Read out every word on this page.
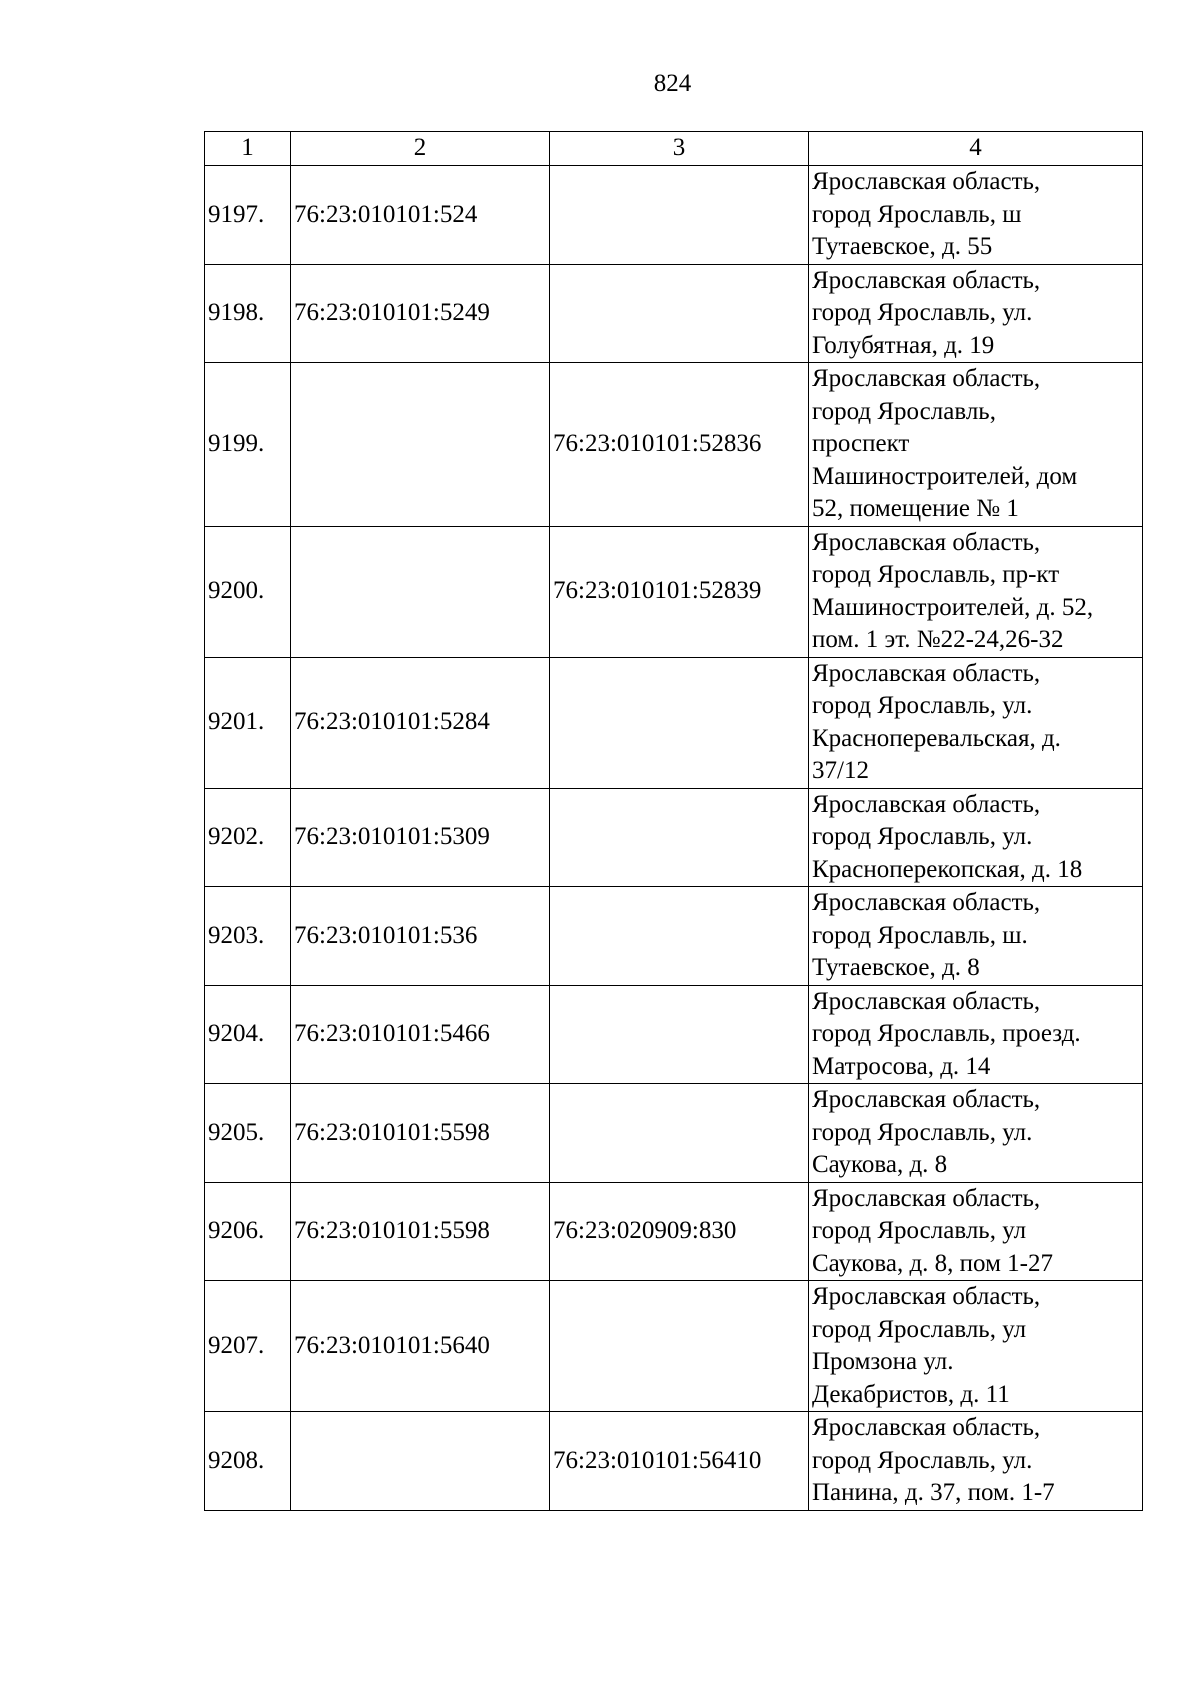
824
1	2	3	4
9197.	76:23:010101:524		Ярославская область,
город Ярославль, ш
Тутаевское, д. 55
9198.	76:23:010101:5249		Ярославская область,
город Ярославль, ул.
Голубятная, д. 19
9199.		76:23:010101:52836	Ярославская область,
город Ярославль,
проспект
Машиностроителей, дом
52, помещение № 1
9200.		76:23:010101:52839	Ярославская область,
город Ярославль, пр-кт
Машиностроителей, д. 52,
пом. 1 эт. №22-24,26-32
9201.	76:23:010101:5284		Ярославская область,
город Ярославль, ул.
Красноперевальская, д.
37/12
9202.	76:23:010101:5309		Ярославская область,
город Ярославль, ул.
Красноперекопская, д. 18
9203.	76:23:010101:536		Ярославская область,
город Ярославль, ш.
Тутаевское, д. 8
9204.	76:23:010101:5466		Ярославская область,
город Ярославль, проезд.
Матросова, д. 14
9205.	76:23:010101:5598		Ярославская область,
город Ярославль, ул.
Саукова, д. 8
9206.	76:23:010101:5598	76:23:020909:830	Ярославская область,
город Ярославль, ул
Саукова, д. 8, пом 1-27
9207.	76:23:010101:5640		Ярославская область,
город Ярославль, ул
Промзона ул.
Декабристов, д. 11
9208.		76:23:010101:56410	Ярославская область,
город Ярославль, ул.
Панина, д. 37, пом. 1-7
